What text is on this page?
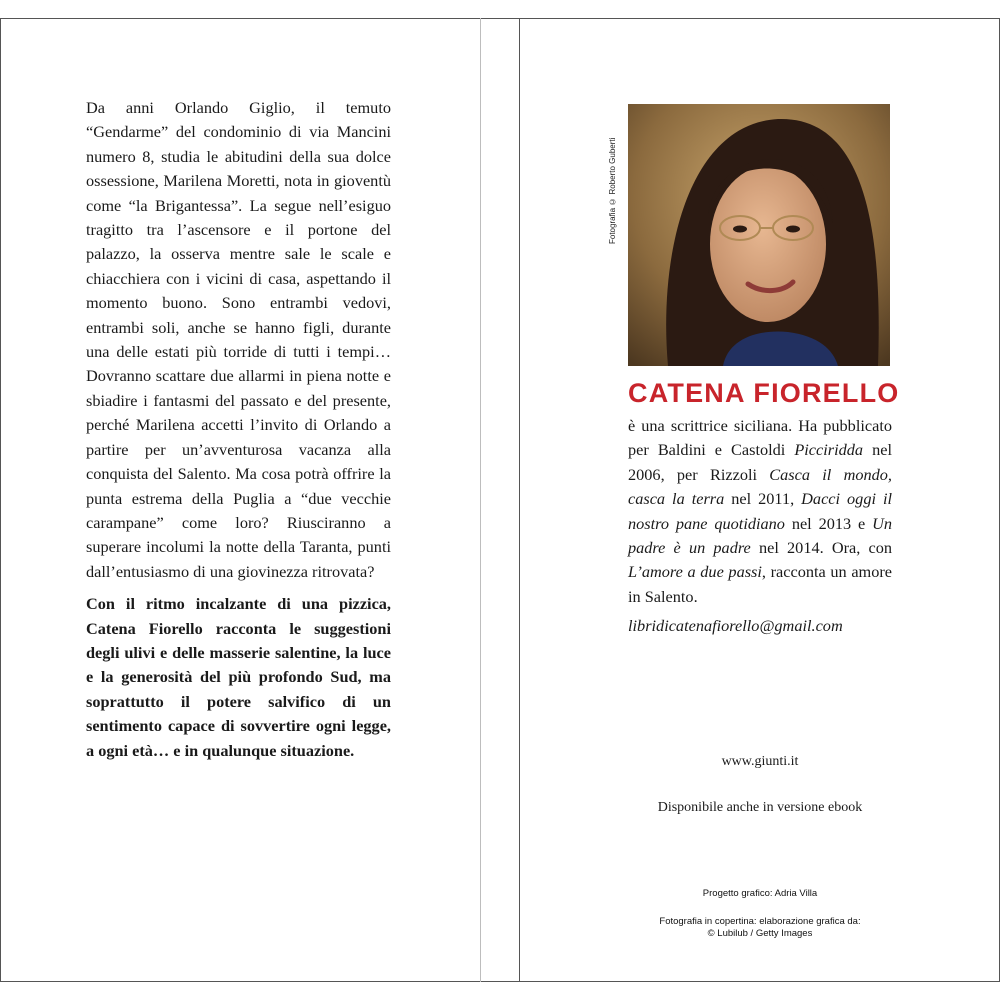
Da anni Orlando Giglio, il temuto “Gendarme” del condominio di via Mancini numero 8, studia le abitudini della sua dolce ossessione, Marilena Moretti, nota in gioventù come “la Brigantessa”. La segue nell’esiguo tragitto tra l’ascensore e il portone del palazzo, la osserva mentre sale le scale e chiacchiera con i vicini di casa, aspettando il momento buono. Sono entrambi vedovi, entrambi soli, anche se hanno figli, durante una delle estati più torride di tutti i tempi… Dovranno scattare due allarmi in piena notte e sbiadire i fantasmi del passato e del presente, perché Marilena accetti l’invito di Orlando a partire per un’avventurosa vacanza alla conquista del Salento. Ma cosa potrà offrire la punta estrema della Puglia a “due vecchie carampane” come loro? Riusciranno a superare incolumi la notte della Taranta, punti dall’entusiasmo di una giovinezza ritrovata?

Con il ritmo incalzante di una pizzica, Catena Fiorello racconta le suggestioni degli ulivi e delle masserie salentine, la luce e la generosità del più profondo Sud, ma soprattutto il potere salvifico di un sentimento capace di sovvertire ogni legge, a ogni età… e in qualunque situazione.

Fotografia © Roberto Guberti
CATENA FIORELLO
è una scrittrice siciliana. Ha pubblicato per Baldini e Castoldi Picciridda nel 2006, per Rizzoli Casca il mondo, casca la terra nel 2011, Dacci oggi il nostro pane quotidiano nel 2013 e Un padre è un padre nel 2014. Ora, con L’amore a due passi, racconta un amore in Salento.
libridicatenafiorello@gmail.com
www.giunti.it
Disponibile anche in versione ebook
Progetto grafico: Adria Villa
Fotografia in copertina: elaborazione grafica da:
© Lubilub / Getty Images
